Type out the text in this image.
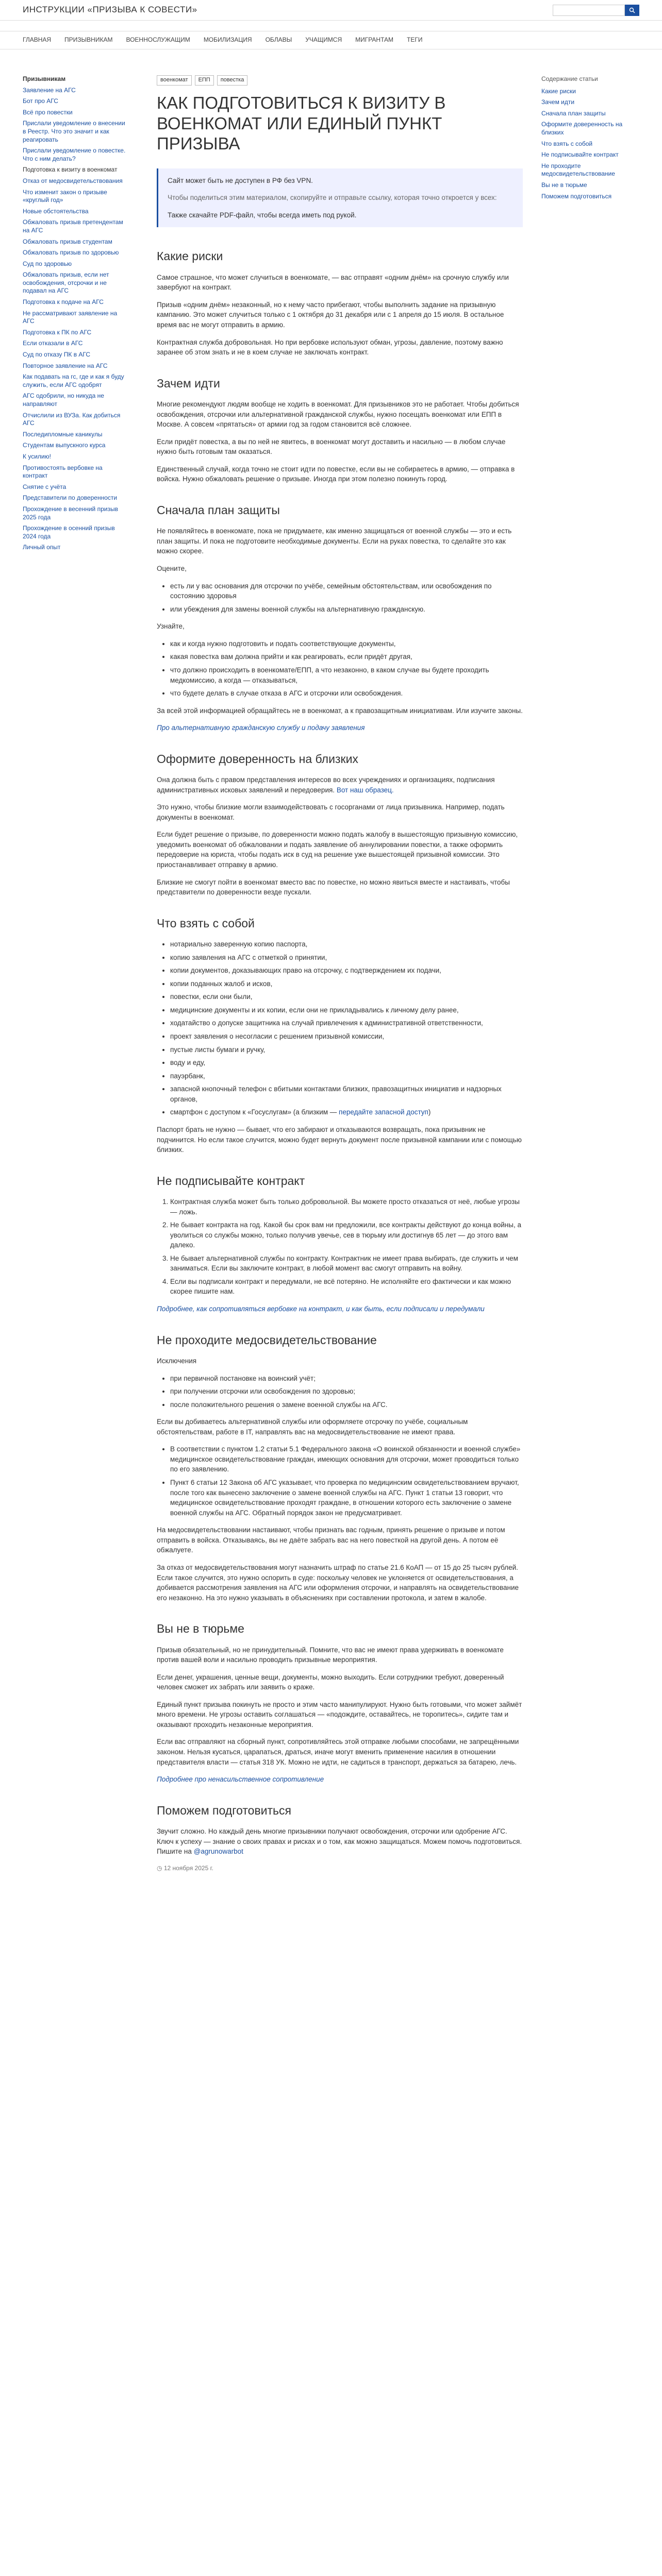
ИНСТРУКЦИИ «ПРИЗЫВА К СОВЕСТИ»
ГЛАВНАЯ ПРИЗЫВНИКАМ ВОЕННОСЛУЖАЩИМ МОБИЛИЗАЦИЯ ОБЛАВЫ УЧАЩИМСЯ МИГРАНТАМ ТЕГИ
Призывникам
Заявление на АГС
Бот про АГС
Всё про повестки
Прислали уведомление о внесении в Реестр. Что это значит и как реагировать
Прислали уведомление о повестке. Что с ним делать?
Подготовка к визиту в военкомат
Отказ от медосвидетельствования
Что изменит закон о призыве «круглый год»
Новые обстоятельства
Обжаловать призыв претендентам на АГС
Обжаловать призыв студентам
Обжаловать призыв по здоровью
Суд по здоровью
Обжаловать призыв, если нет освобождения, отсрочки и не подавал на АГС
Подготовка к подаче на АГС
Не рассматривают заявление на АГС
Подготовка к ПК по АГС
Если отказали в АГС
Суд по отказу ПК в АГС
Повторное заявление на АГС
Как подавать на гс, где и как я буду служить, если АГС одобрят
АГС одобрили, но никуда не направляют
Отчислили из ВУЗа. Как добиться АГС
Последипломные каникулы
Студентам выпускного курса
К усилию!
Противостоять вербовке на контракт
Снятие с учёта
Представители по доверенности
Прохождение в весенний призыв 2025 года
Прохождение в осенний призыв 2024 года
Личный опыт
военкомат	ЕПП	повестка
КАК ПОДГОТОВИТЬСЯ К ВИЗИТУ В ВОЕНКОМАТ ИЛИ ЕДИНЫЙ ПУНКТ ПРИЗЫВА

Сайт может быть не доступен в РФ без VPN.

Чтобы поделиться этим материалом, скопируйте и отправьте ссылку, которая точно откроется у всех:

Также скачайте PDF-файл, чтобы всегда иметь под рукой.

Какие риски

Самое страшное, что может случиться в военкомате, — вас отправят «одним днём» на срочную службу или завербуют на контракт.

Призыв «одним днём» незаконный, но к нему часто прибегают, чтобы выполнить задание на призывную кампанию. Это может случиться только с 1 октября до 31 декабря или с 1 апреля до 15 июля. В остальное время вас не могут отправить в армию.

Контрактная служба добровольная. Но при вербовке используют обман, угрозы, давление, поэтому важно заранее об этом знать и не в коем случае не заключать контракт.

Зачем идти

Многие рекомендуют людям вообще не ходить в военкомат. Для призывников это не работает. Чтобы добиться освобождения, отсрочки или альтернативной гражданской службы, нужно посещать военкомат или ЕПП в Москве. А совсем «прятаться» от армии год за годом становится всё сложнее.

Если придёт повестка, а вы по ней не явитесь, в военкомат могут доставить и насильно — в любом случае нужно быть готовым там оказаться.

Единственный случай, когда точно не стоит идти по повестке, если вы не собираетесь в армию, — отправка в войска. Нужно обжаловать решение о призыве. Иногда при этом полезно покинуть город.

Сначала план защиты

Не появляйтесь в военкомате, пока не придумаете, как именно защищаться от военной службы — это и есть план защиты. И пока не подготовите необходимые документы. Если на руках повестка, то сделайте это как можно скорее.

Оцените,

• есть ли у вас основания для отсрочки по учёбе, семейным обстоятельствам, или освобождения по состоянию здоровья
• или убеждения для замены военной службы на альтернативную гражданскую.

Узнайте,

• как и когда нужно подготовить и подать соответствующие документы,
• какая повестка вам должна прийти и как реагировать, если придёт другая,
• что должно происходить в военкомате/ЕПП, а что незаконно, в каком случае вы будете проходить медкомиссию, а когда — отказываться,
• что будете делать в случае отказа в АГС и отсрочки или освобождения.

За всей этой информацией обращайтесь не в военкомат, а к правозащитным инициативам. Или изучите законы.

Про альтернативную гражданскую службу и подачу заявления

Оформите доверенность на близких

Она должна быть с правом представления интересов во всех учреждениях и организациях, подписания административных исковых заявлений и передоверия. Вот наш образец.

Это нужно, чтобы близкие могли взаимодействовать с госорганами от лица призывника. Например, подать документы в военкомат.

Если будет решение о призыве, по доверенности можно подать жалобу в вышестоящую призывную комиссию, уведомить военкомат об обжаловании и подать заявление об аннулировании повестки, а также оформить передоверие на юриста, чтобы подать иск в суд на решение уже вышестоящей призывной комиссии. Это приостанавливает отправку в армию.

Близкие не смогут пойти в военкомат вместо вас по повестке, но можно явиться вместе и настаивать, чтобы представители по доверенности везде пускали.

Что взять с собой
• нотариально заверенную копию паспорта,
• копию заявления на АГС с отметкой о принятии,
• копии документов, доказывающих право на отсрочку, с подтверждением их подачи,
• копии поданных жалоб и исков,
• повестки, если они были,
• медицинские документы и их копии, если они не прикладывались к личному делу ранее,
• ходатайство о допуске защитника на случай привлечения к административной ответственности,
• проект заявления о несогласии с решением призывной комиссии,
• пустые листы бумаги и ручку,
• воду и еду,
• пауэрбанк,
• запасной кнопочный телефон с вбитыми контактами близких, правозащитных инициатив и надзорных органов,
• смартфон с доступом к «Госуслугам» (а близким — передайте запасной доступ)

Паспорт брать не нужно — бывает, что его забирают и отказываются возвращать, пока призывник не подчинится. Но если такое случится, можно будет вернуть документ после призывной кампании или с помощью близких.

Не подписывайте контракт
1. Контрактная служба может быть только добровольной. Вы можете просто отказаться от неё, любые угрозы — ложь.
2. Не бывает контракта на год. Какой бы срок вам ни предложили, все контракты действуют до конца войны, а уволиться со службы можно, только получив увечье, сев в тюрьму или достигнув 65 лет — до этого вам далеко.
3. Не бывает альтернативной службы по контракту. Контрактник не имеет права выбирать, где служить и чем заниматься. Если вы заключите контракт, в любой момент вас смогут отправить на войну.
4. Если вы подписали контракт и передумали, не всё потеряно. Не исполняйте его фактически и как можно скорее пишите нам.

Подробнее, как сопротивляться вербовке на контракт, и как быть, если подписали и передумали

Не проходите медосвидетельствование

Исключения

• при первичной постановке на воинский учёт;
• при получении отсрочки или освобождения по здоровью;
• после положительного решения о замене военной службы на АГС.

Если вы добиваетесь альтернативной службы или оформляете отсрочку по учёбе, социальным обстоятельствам, работе в IT, направлять вас на медосвидетельствование не имеют права.

• В соответствии с пунктом 1.2 статьи 5.1 Федерального закона «О воинской обязанности и военной службе» медицинское освидетельствование граждан, имеющих основания для отсрочки, может проводиться только по его заявлению.
• Пункт 6 статьи 12 Закона об АГС указывает, что проверка по медицинским освидетельствованием вручают, после того как вынесено заключение о замене военной службы на АГС. Пункт 1 статьи 13 говорит, что медицинское освидетельствование проходят граждане, в отношении которого есть заключение о замене военной службы на АГС. Обратный порядок закон не предусматривает.

На медосвидетельствовании настаивают, чтобы признать вас годным, принять решение о призыве и потом отправить в войска. Отказываясь, вы не даёте забрать вас на него повесткой на другой день. А потом её обжалуете.

За отказ от медосвидетельствования могут назначить штраф по статье 21.6 КоАП — от 15 до 25 тысяч рублей. Если такое случится, это нужно оспорить в суде: поскольку человек не уклоняется от освидетельствования, а добивается рассмотрения заявления на АГС или оформления отсрочки, и направлять на освидетельствование его незаконно. На это нужно указывать в объяснениях при составлении протокола, и затем в жалобе.

Вы не в тюрьме

Призыв обязательный, но не принудительный. Помните, что вас не имеют права удерживать в военкомате против вашей воли и насильно проводить призывные мероприятия.

Если денег, украшения, ценные вещи, документы, можно выходить. Если сотрудники требуют, доверенный человек сможет их забрать или заявить о краже.

Единый пункт призыва покинуть не просто и этим часто манипулируют. Нужно быть готовыми, что может займёт много времени. Не угрозы оставить соглашаться — «подождите, оставайтесь, не торопитесь», сидите там и оказывают проходить незаконные мероприятия.

Если вас отправляют на сборный пункт, сопротивляйтесь этой отправке любыми способами, не запрещёнными законом. Нельзя кусаться, царапаться, драться, иначе могут вменить применение насилия в отношении представителя власти — статья 318 УК. Можно не идти, не садиться в транспорт, держаться за батарею, лечь.

Подробнее про ненасильственное сопротивление

Поможем подготовиться

Звучит сложно. Но каждый день многие призывники получают освобождения, отсрочки или одобрение АГС. Ключ к успеху — знание о своих правах и рисках и о том, как можно защищаться. Можем помочь подготовиться. Пишите на @agrunowarbot

◷ 12 ноября 2025 г.
Содержание статьи
Какие риски
Зачем идти
Сначала план защиты
Оформите доверенность на близких
Что взять с собой
Не подписывайте контракт
Не проходите медосвидетельствование
Вы не в тюрьме
Поможем подготовиться
